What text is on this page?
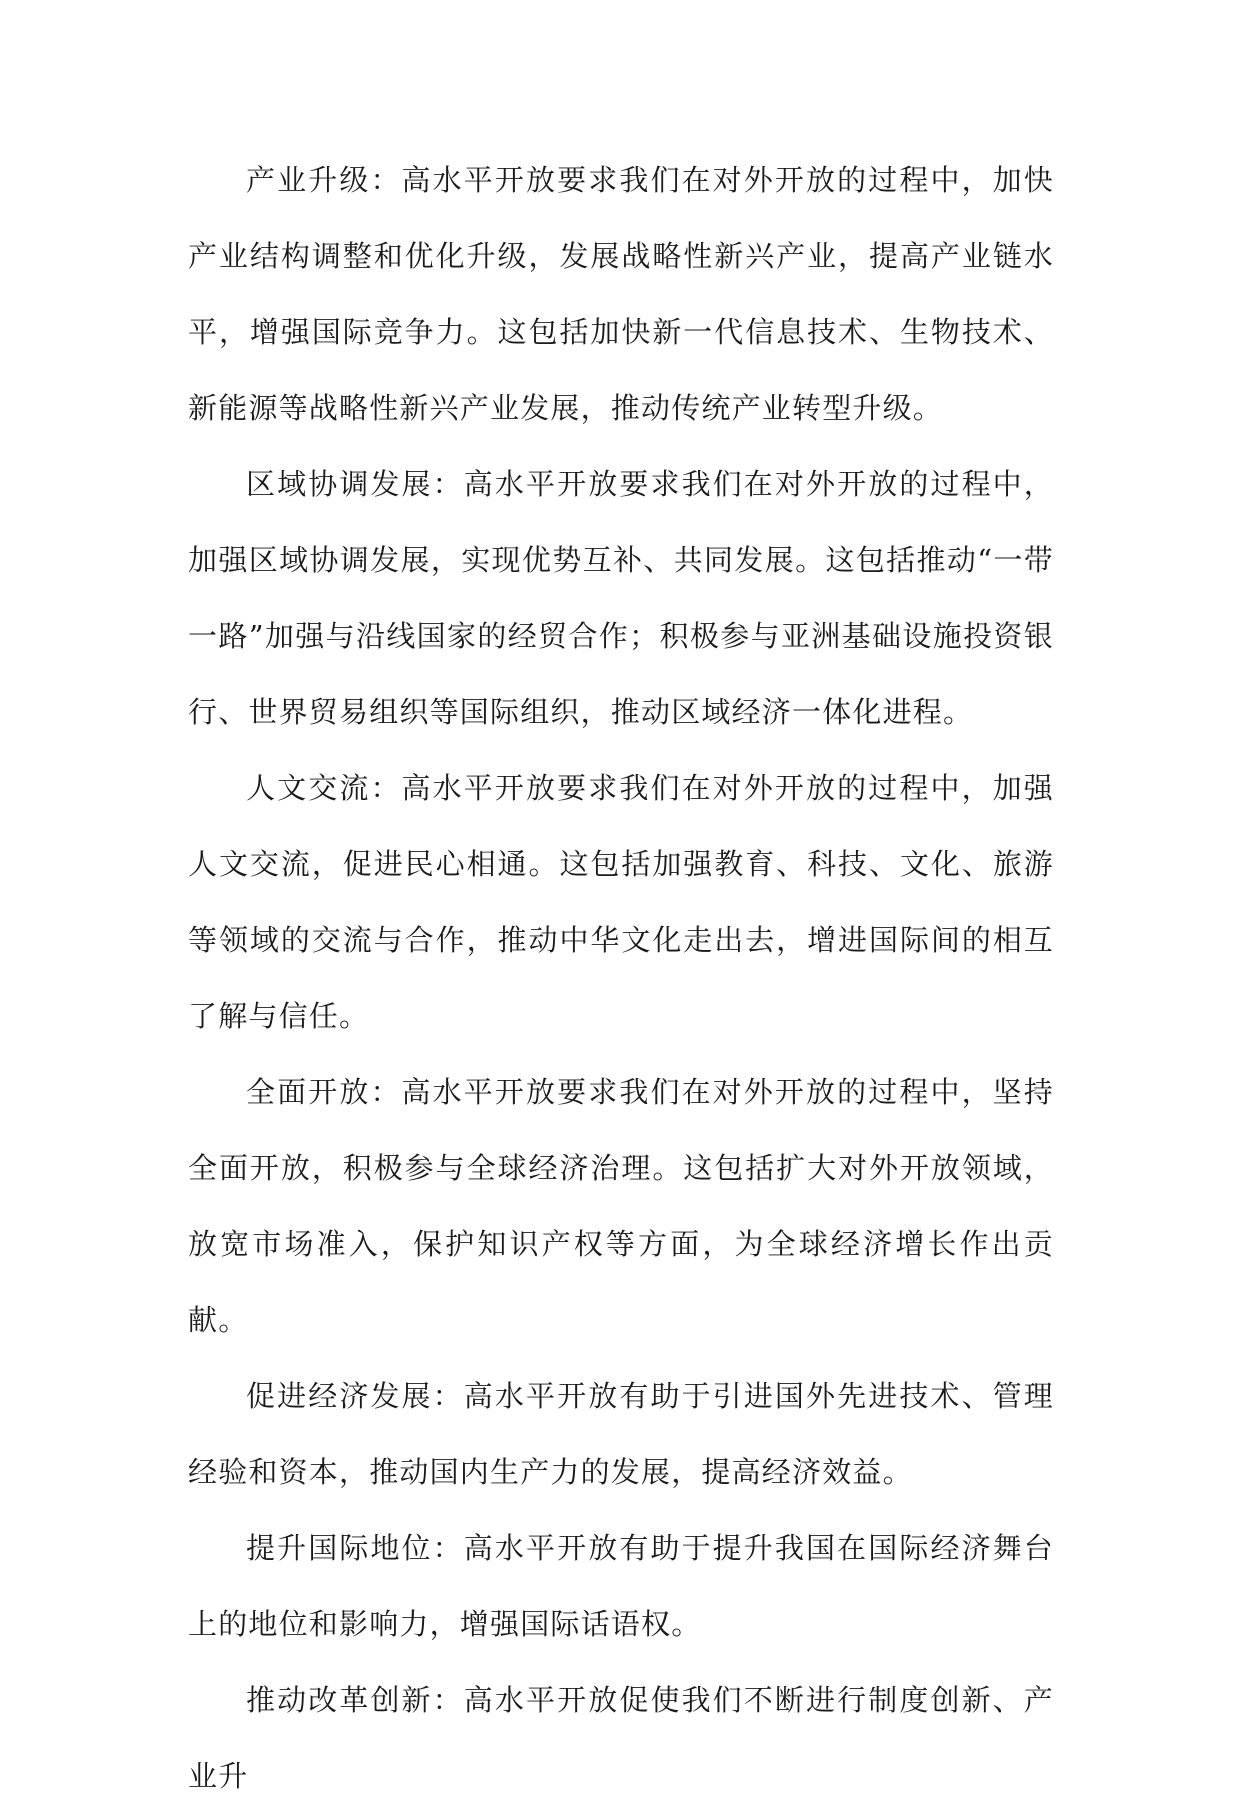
产业升级：高水平开放要求我们在对外开放的过程中，加快产业结构调整和优化升级，发展战略性新兴产业，提高产业链水平，增强国际竞争力。这包括加快新一代信息技术、生物技术、新能源等战略性新兴产业发展，推动传统产业转型升级。

区域协调发展：高水平开放要求我们在对外开放的过程中，加强区域协调发展，实现优势互补、共同发展。这包括推动“一带一路”加强与沿线国家的经贸合作；积极参与亚洲基础设施投资银行、世界贸易组织等国际组织，推动区域经济一体化进程。

人文交流：高水平开放要求我们在对外开放的过程中，加强人文交流，促进民心相通。这包括加强教育、科技、文化、旅游等领域的交流与合作，推动中华文化走出去，增进国际间的相互了解与信任。

全面开放：高水平开放要求我们在对外开放的过程中，坚持全面开放，积极参与全球经济治理。这包括扩大对外开放领域，放宽市场准入，保护知识产权等方面，为全球经济增长作出贡献。

促进经济发展：高水平开放有助于引进国外先进技术、管理经验和资本，推动国内生产力的发展，提高经济效益。

提升国际地位：高水平开放有助于提升我国在国际经济舞台上的地位和影响力，增强国际话语权。

推动改革创新：高水平开放促使我们不断进行制度创新、产业升
